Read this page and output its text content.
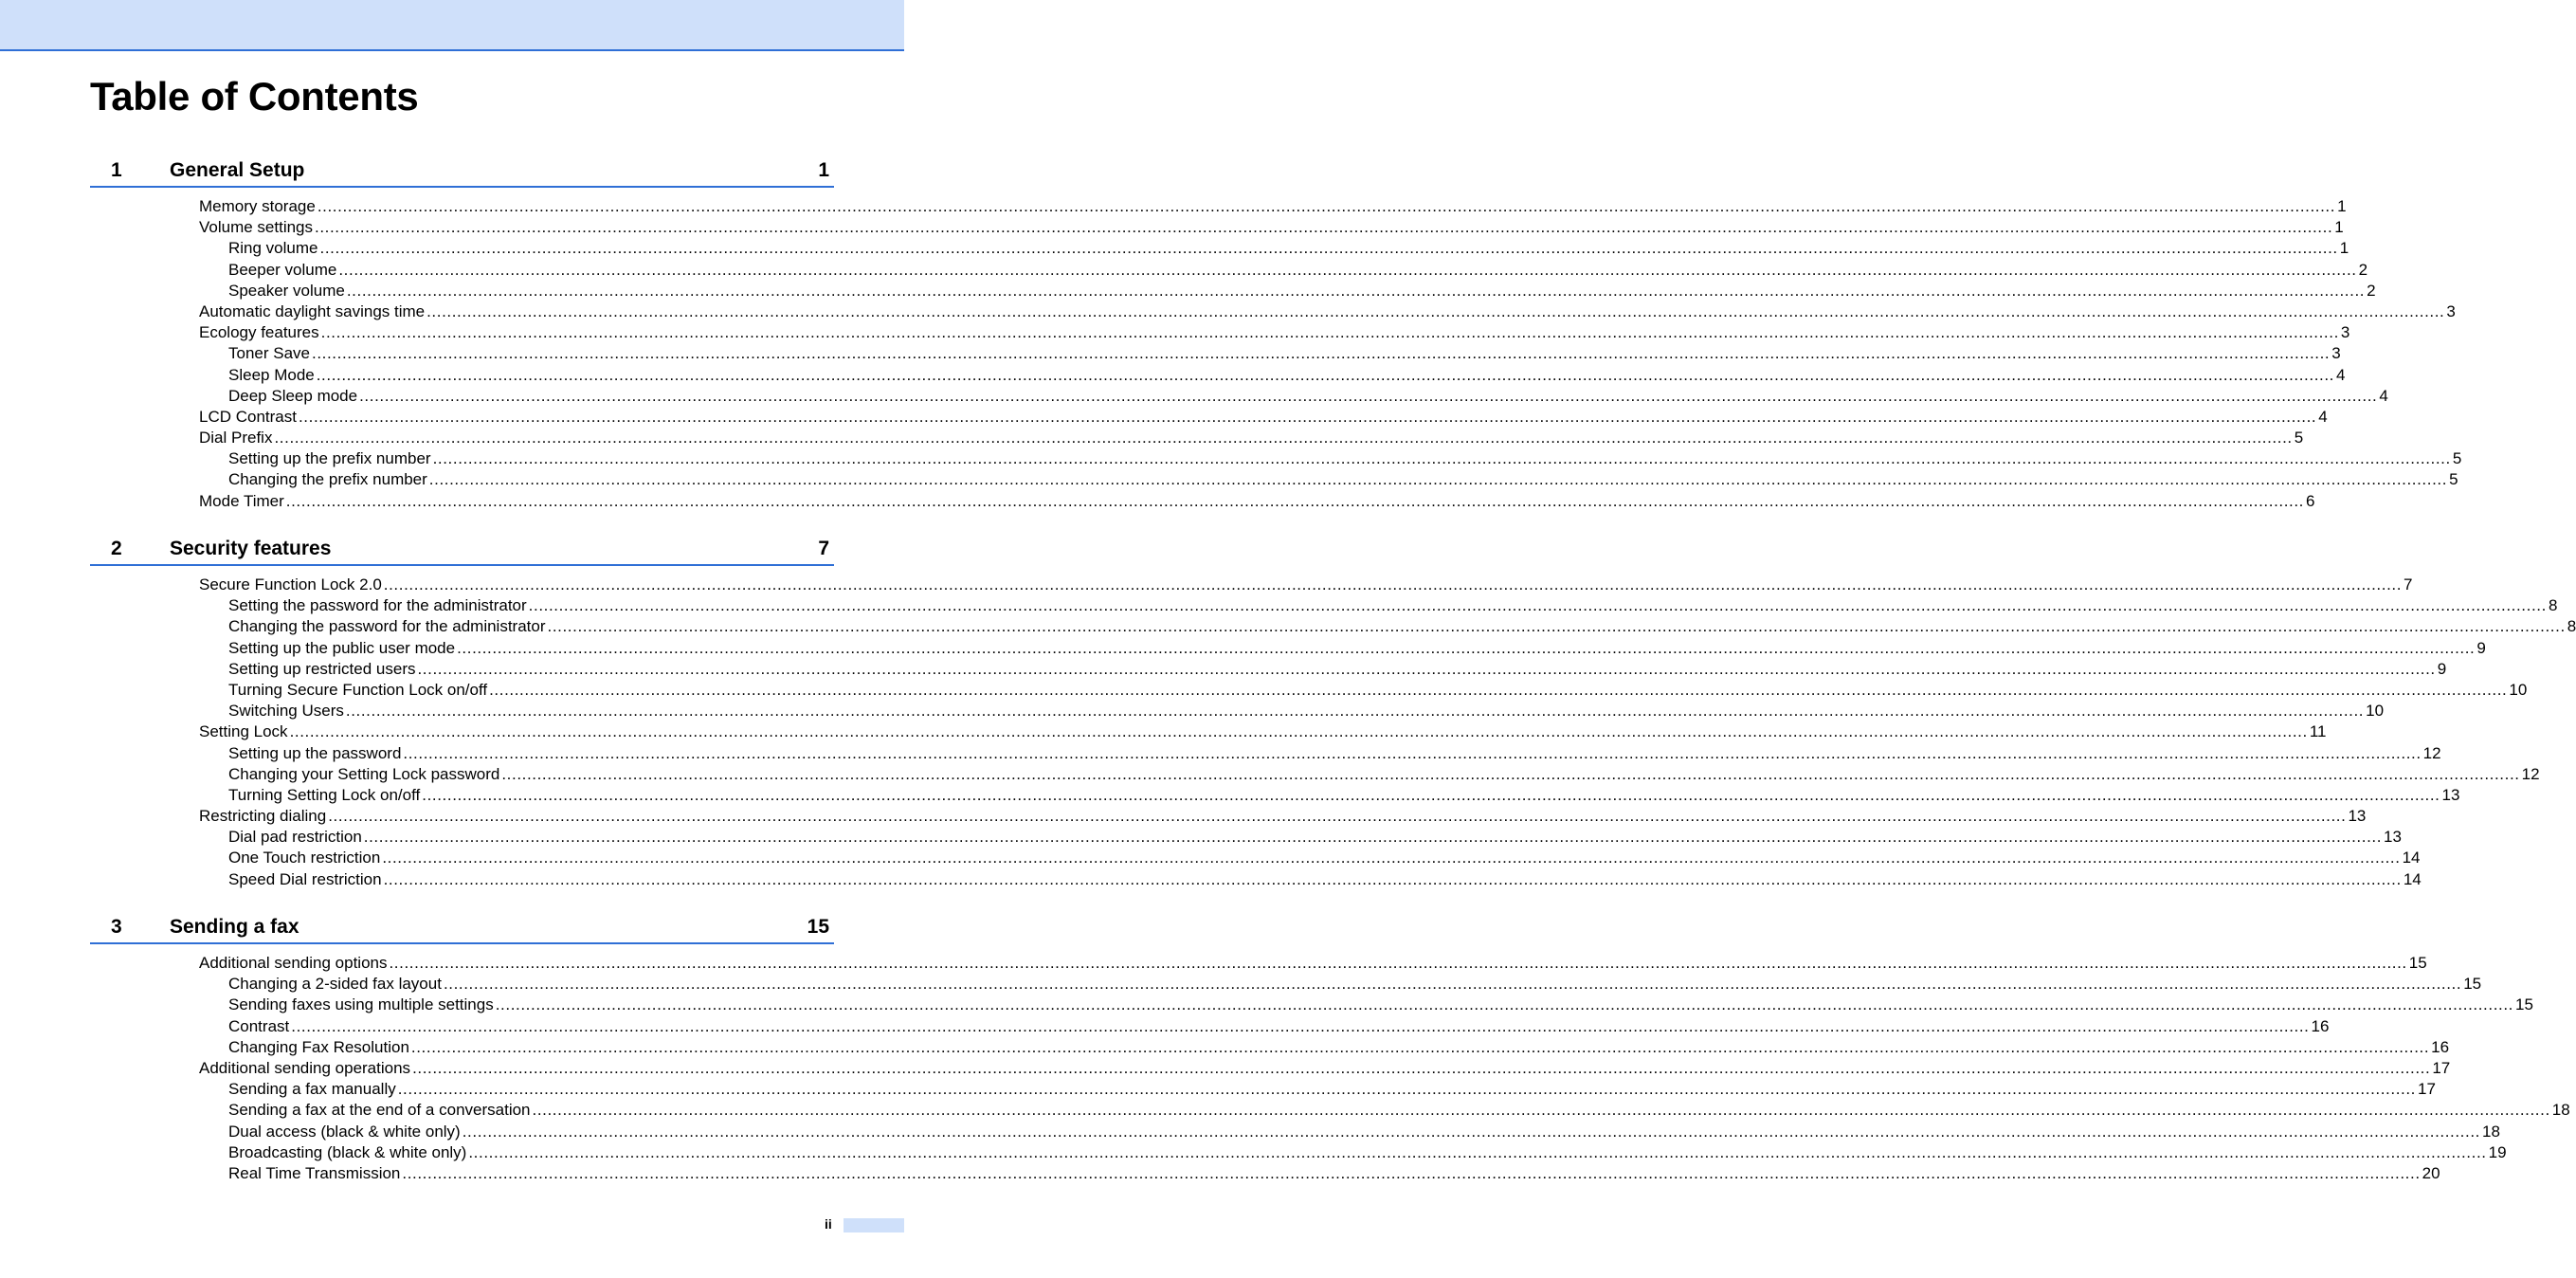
Table of Contents
1 General Setup	1
Memory storage ................................................................................................................................................................................................................................................................................................................................................................................................................ 1
Volume settings ................................................................................................................................................................................................................................................................................................................................................................................................................ 1
Ring volume ................................................................................................................................................................................................................................................................................................................................................................................................................ 1
Beeper volume ................................................................................................................................................................................................................................................................................................................................................................................................................ 2
Speaker volume ................................................................................................................................................................................................................................................................................................................................................................................................................ 2
Automatic daylight savings time ................................................................................................................................................................................................................................................................................................................................................................................................................ 3
Ecology features ................................................................................................................................................................................................................................................................................................................................................................................................................ 3
Toner Save ................................................................................................................................................................................................................................................................................................................................................................................................................ 3
Sleep Mode ................................................................................................................................................................................................................................................................................................................................................................................................................ 4
Deep Sleep mode ................................................................................................................................................................................................................................................................................................................................................................................................................ 4
LCD Contrast ................................................................................................................................................................................................................................................................................................................................................................................................................ 4
Dial Prefix ................................................................................................................................................................................................................................................................................................................................................................................................................ 5
Setting up the prefix number ................................................................................................................................................................................................................................................................................................................................................................................................................ 5
Changing the prefix number ................................................................................................................................................................................................................................................................................................................................................................................................................ 5
Mode Timer ................................................................................................................................................................................................................................................................................................................................................................................................................ 6
2 Security features	7
Secure Function Lock 2.0 ................................................................................................................................................................................................................................................................................................................................................................................................................ 7
Setting the password for the administrator ................................................................................................................................................................................................................................................................................................................................................................................................................ 8
Changing the password for the administrator ................................................................................................................................................................................................................................................................................................................................................................................................................ 8
Setting up the public user mode ................................................................................................................................................................................................................................................................................................................................................................................................................ 9
Setting up restricted users ................................................................................................................................................................................................................................................................................................................................................................................................................ 9
Turning Secure Function Lock on/off ................................................................................................................................................................................................................................................................................................................................................................................................................ 10
Switching Users ................................................................................................................................................................................................................................................................................................................................................................................................................ 10
Setting Lock ................................................................................................................................................................................................................................................................................................................................................................................................................ 11
Setting up the password ................................................................................................................................................................................................................................................................................................................................................................................................................ 12
Changing your Setting Lock password ................................................................................................................................................................................................................................................................................................................................................................................................................ 12
Turning Setting Lock on/off ................................................................................................................................................................................................................................................................................................................................................................................................................ 13
Restricting dialing ................................................................................................................................................................................................................................................................................................................................................................................................................ 13
Dial pad restriction ................................................................................................................................................................................................................................................................................................................................................................................................................ 13
One Touch restriction ................................................................................................................................................................................................................................................................................................................................................................................................................ 14
Speed Dial restriction ................................................................................................................................................................................................................................................................................................................................................................................................................ 14
3 Sending a fax	15
Additional sending options ................................................................................................................................................................................................................................................................................................................................................................................................................ 15
Changing a 2-sided fax layout ................................................................................................................................................................................................................................................................................................................................................................................................................ 15
Sending faxes using multiple settings ................................................................................................................................................................................................................................................................................................................................................................................................................ 15
Contrast ................................................................................................................................................................................................................................................................................................................................................................................................................ 16
Changing Fax Resolution ................................................................................................................................................................................................................................................................................................................................................................................................................ 16
Additional sending operations ................................................................................................................................................................................................................................................................................................................................................................................................................ 17
Sending a fax manually ................................................................................................................................................................................................................................................................................................................................................................................................................ 17
Sending a fax at the end of a conversation ................................................................................................................................................................................................................................................................................................................................................................................................................ 18
Dual access (black & white only) ................................................................................................................................................................................................................................................................................................................................................................................................................ 18
Broadcasting (black & white only) ................................................................................................................................................................................................................................................................................................................................................................................................................ 19
Real Time Transmission ................................................................................................................................................................................................................................................................................................................................................................................................................ 20
ii
